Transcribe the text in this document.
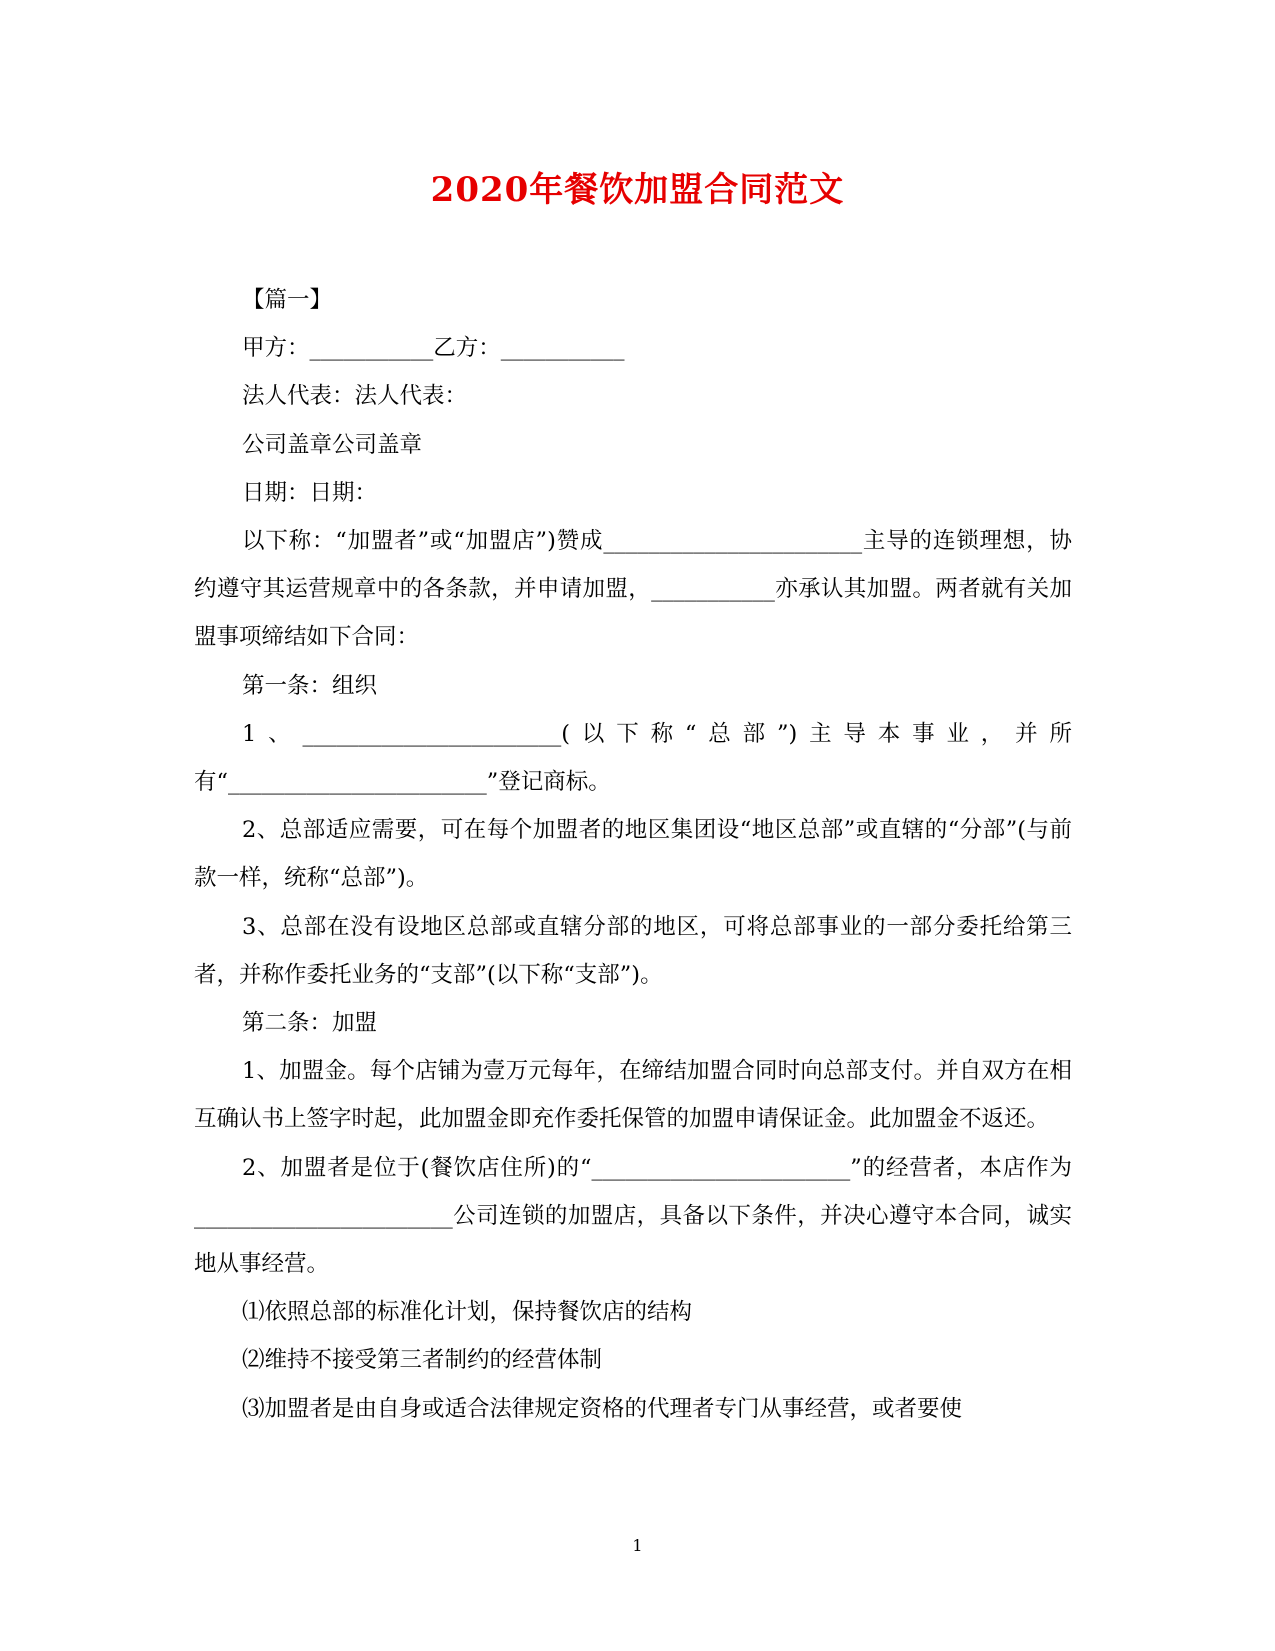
2020年餐饮加盟合同范文

【篇一】

甲方：___________乙方：___________

法人代表：法人代表：

公司盖章公司盖章

日期：日期：

以下称：“加盟者”或“加盟店”)赞成_______________________主导的连锁理想，协约遵守其运营规章中的各条款，并申请加盟，___________亦承认其加盟。两者就有关加盟事项缔结如下合同：

第一条：组织

1、_______________________(以下称“总部”)主导本事业，并所有“_______________________”登记商标。

2、总部适应需要，可在每个加盟者的地区集团设“地区总部”或直辖的“分部”(与前款一样，统称“总部”)。

3、总部在没有设地区总部或直辖分部的地区，可将总部事业的一部分委托给第三者，并称作委托业务的“支部”(以下称“支部”)。

第二条：加盟

1、加盟金。每个店铺为壹万元每年，在缔结加盟合同时向总部支付。并自双方在相互确认书上签字时起，此加盟金即充作委托保管的加盟申请保证金。此加盟金不返还。

2、加盟者是位于(餐饮店住所)的“_______________________”的经营者，本店作为_______________________公司连锁的加盟店，具备以下条件，并决心遵守本合同，诚实地从事经营。

⑴依照总部的标准化计划，保持餐饮店的结构

⑵维持不接受第三者制约的经营体制

⑶加盟者是由自身或适合法律规定资格的代理者专门从事经营，或者要使

1
